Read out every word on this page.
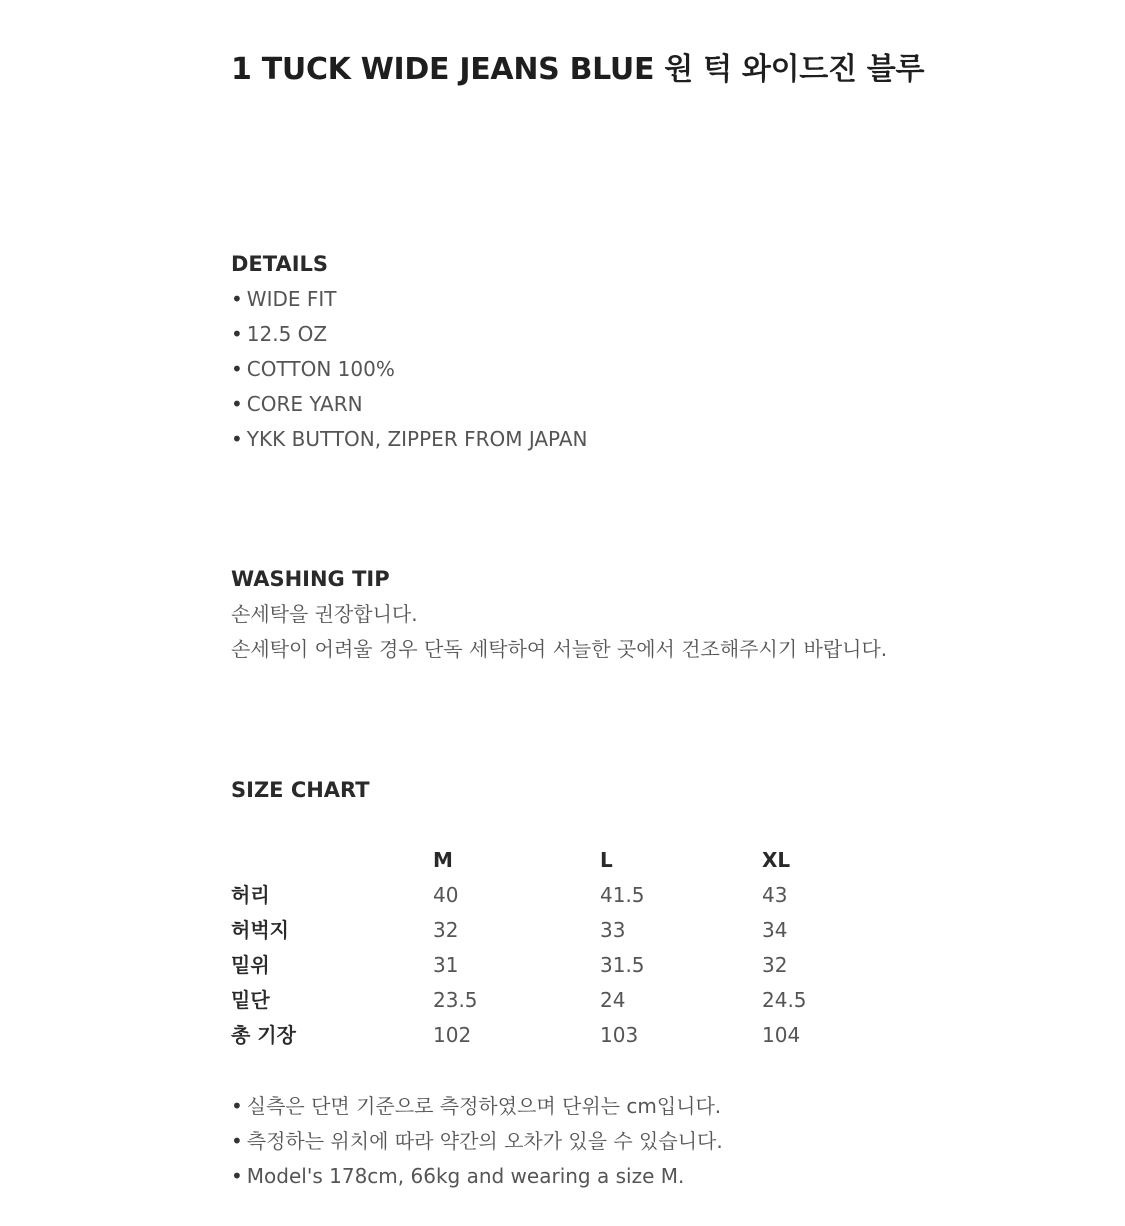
1 TUCK WIDE JEANS BLUE 원 턱 와이드진 블루
DETAILS
• WIDE FIT
• 12.5 OZ
• COTTON 100%
• CORE YARN
• YKK BUTTON, ZIPPER FROM JAPAN
WASHING TIP
손세탁을 권장합니다.
손세탁이 어려울 경우 단독 세탁하여 서늘한 곳에서 건조해주시기 바랍니다.
SIZE CHART
	M	L	XL
허리	40	41.5	43
허벅지	32	33	34
밑위	31	31.5	32
밑단	23.5	24	24.5
총 기장	102	103	104
• 실측은 단면 기준으로 측정하였으며 단위는 cm입니다.
• 측정하는 위치에 따라 약간의 오차가 있을 수 있습니다.
• Model's 178cm, 66kg and wearing a size M.
